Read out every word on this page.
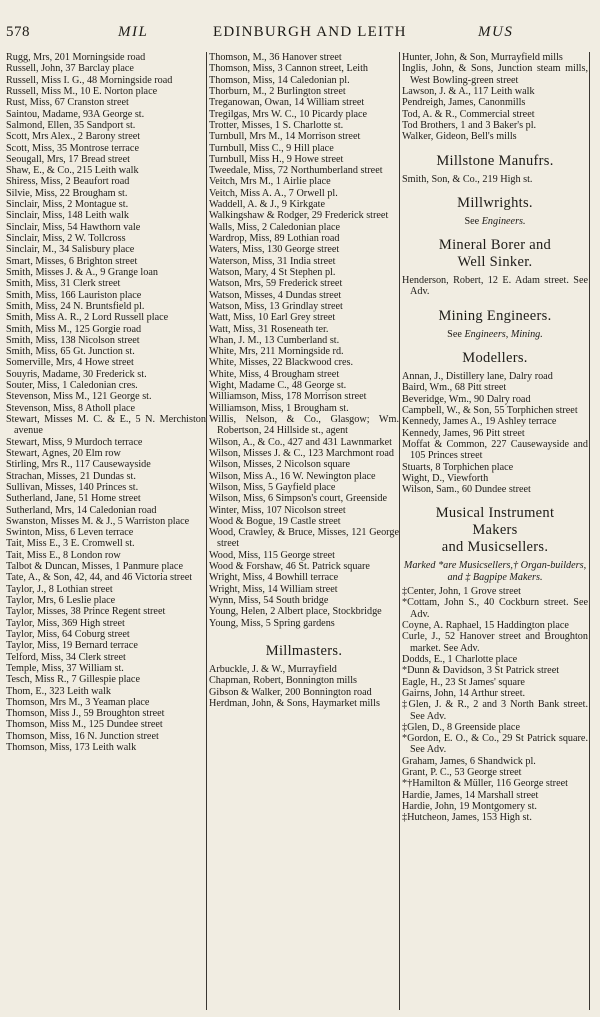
578	MIL	EDINBURGH AND LEITH	MUS
Rugg, Mrs, 201 Morningside road
Russell, John, 37 Barclay place
Russell, Miss I. G., 48 Morningside road
Russell, Miss M., 10 E. Norton place
Rust, Miss, 67 Cranston street
Saintou, Madame, 93A George st.
Salmond, Ellen, 35 Sandport st.
Scott, Mrs Alex., 2 Barony street
Scott, Miss, 35 Montrose terrace
Seougall, Mrs, 17 Bread street
Shaw, E., & Co., 215 Leith walk
Shiress, Miss, 2 Beaufort road
Silvie, Miss, 22 Brougham st.
Sinclair, Miss, 2 Montague st.
Sinclair, Miss, 148 Leith walk
Sinclair, Miss, 54 Hawthorn vale
Sinclair, Miss, 2 W. Tollcross
Sinclair, M., 34 Salisbury place
Smart, Misses, 6 Brighton street
Smith, Misses J. & A., 9 Grange loan
Smith, Miss, 31 Clerk street
Smith, Miss, 166 Lauriston place
Smith, Miss, 24 N. Bruntsfield pl.
Smith, Miss A. R., 2 Lord Russell place
Smith, Miss M., 125 Gorgie road
Smith, Miss, 138 Nicolson street
Smith, Miss, 65 Gt. Junction st.
Somerville, Mrs, 4 Howe street
Souyris, Madame, 30 Frederick st.
Souter, Miss, 1 Caledonian cres.
Stevenson, Miss M., 121 George st.
Stevenson, Miss, 8 Atholl place
Stewart, Misses M. C. & E., 5 N. Merchiston avenue
Stewart, Miss, 9 Murdoch terrace
Stewart, Agnes, 20 Elm row
Stirling, Mrs R., 117 Causewayside
Strachan, Misses, 21 Dundas st.
Sullivan, Misses, 140 Princes st.
Sutherland, Jane, 51 Home street
Sutherland, Mrs, 14 Caledonian road
Swanston, Misses M. & J., 5 Warriston place
Swinton, Miss, 6 Leven terrace
Tait, Miss E., 3 E. Cromwell st.
Tait, Miss E., 8 London row
Talbot & Duncan, Misses, 1 Panmure place
Tate, A., & Son, 42, 44, and 46 Victoria street
Taylor, J., 8 Lothian street
Taylor, Mrs, 6 Leslie place
Taylor, Misses, 38 Prince Regent street
Taylor, Miss, 369 High street
Taylor, Miss, 64 Coburg street
Taylor, Miss, 19 Bernard terrace
Telford, Miss, 34 Clerk street
Temple, Miss, 37 William st.
Tesch, Miss R., 7 Gillespie place
Thom, E., 323 Leith walk
Thomson, Mrs M., 3 Yeaman place
Thomson, Miss J., 59 Broughton street
Thomson, Miss M., 125 Dundee street
Thomson, Miss, 16 N. Junction street
Thomson, Miss, 173 Leith walk
Thomson, M., 36 Hanover street
Thomson, Miss, 3 Cannon street, Leith
Thomson, Miss, 14 Caledonian pl.
Thorburn, M., 2 Burlington street
Treganowan, Owan, 14 William street
Tregilgas, Mrs W. C., 10 Picardy place
Trotter, Misses, 1 S. Charlotte st.
Turnbull, Mrs M., 14 Morrison street
Turnbull, Miss C., 9 Hill place
Turnbull, Miss H., 9 Howe street
Tweedale, Miss, 72 Northumberland street
Veitch, Mrs M., 1 Airlie place
Veitch, Miss A. A., 7 Orwell pl.
Waddell, A. & J., 9 Kirkgate
Walkingshaw & Rodger, 29 Frederick street
Walls, Miss, 2 Caledonian place
Wardrop, Miss, 89 Lothian road
Waters, Miss, 130 George street
Waterson, Miss, 31 India street
Watson, Mary, 4 St Stephen pl.
Watson, Mrs, 59 Frederick street
Watson, Misses, 4 Dundas street
Watson, Miss, 13 Grindlay street
Watt, Miss, 10 Earl Grey street
Watt, Miss, 31 Roseneath ter.
Whan, J. M., 13 Cumberland st.
White, Mrs, 211 Morningside rd.
White, Misses, 22 Blackwood cres.
White, Miss, 4 Brougham street
Wight, Madame C., 48 George st.
Williamson, Miss, 178 Morrison street
Williamson, Miss, 1 Brougham st.
Willis, Nelson, & Co., Glasgow; Wm. Robertson, 24 Hillside st., agent
Wilson, A., & Co., 427 and 431 Lawnmarket
Wilson, Misses J. & C., 123 Marchmont road
Wilson, Misses, 2 Nicolson square
Wilson, Miss A., 16 W. Newington place
Wilson, Miss, 5 Gayfield place
Wilson, Miss, 6 Simpson's court, Greenside
Winter, Miss, 107 Nicolson street
Wood & Bogue, 19 Castle street
Wood, Crawley, & Bruce, Misses, 121 George street
Wood, Miss, 115 George street
Wood & Forshaw, 46 St. Patrick square
Wright, Miss, 4 Bowhill terrace
Wright, Miss, 14 William street
Wynn, Miss, 54 South bridge
Young, Helen, 2 Albert place, Stockbridge
Young, Miss, 5 Spring gardens
Millmasters.
Arbuckle, J. & W., Murrayfield
Chapman, Robert, Bonnington mills
Gibson & Walker, 200 Bonnington road
Herdman, John, & Sons, Haymarket mills
Hunter, John, & Son, Murrayfield mills
Inglis, John, & Sons, Junction steam mills, West Bowling-green street
Lawson, J. & A., 117 Leith walk
Pendreigh, James, Canonmills
Tod, A. & R., Commercial street
Tod Brothers, 1 and 3 Baker's pl.
Walker, Gideon, Bell's mills
Millstone Manufrs.
Smith, Son, & Co., 219 High st.
Millwrights.
See Engineers.
Mineral Borer and
Well Sinker.
Henderson, Robert, 12 E. Adam street. See Adv.
Mining Engineers.
See Engineers, Mining.
Modellers.
Annan, J., Distillery lane, Dalry road
Baird, Wm., 68 Pitt street
Beveridge, Wm., 90 Dalry road
Campbell, W., & Son, 55 Torphichen street
Kennedy, James A., 19 Ashley terrace
Kennedy, James, 96 Pitt street
Moffat & Common, 227 Causewayside and 105 Princes street
Stuarts, 8 Torphichen place
Wight, D., Viewforth
Wilson, Sam., 60 Dundee street
Musical Instrument
Makers
and Musicsellers.
Marked *are Musicsellers,† Organ-builders, and ‡ Bagpipe Makers.
‡Center, John, 1 Grove street
*Cottam, John S., 40 Cockburn street. See Adv.
Coyne, A. Raphael, 15 Haddington place
Curle, J., 52 Hanover street and Broughton market. See Adv.
Dodds, E., 1 Charlotte place
*Dunn & Davidson, 3 St Patrick street
Eagle, H., 23 St James' square
Gairns, John, 14 Arthur street.
‡Glen, J. & R., 2 and 3 North Bank street. See Adv.
‡Glen, D., 8 Greenside place
*Gordon, E. O., & Co., 29 St Patrick square. See Adv.
Graham, James, 6 Shandwick pl.
Grant, P. C., 53 George street
*†Hamilton & Müller, 116 George street
Hardie, James, 14 Marshall street
Hardie, John, 19 Montgomery st.
‡Hutcheon, James, 153 High st.
